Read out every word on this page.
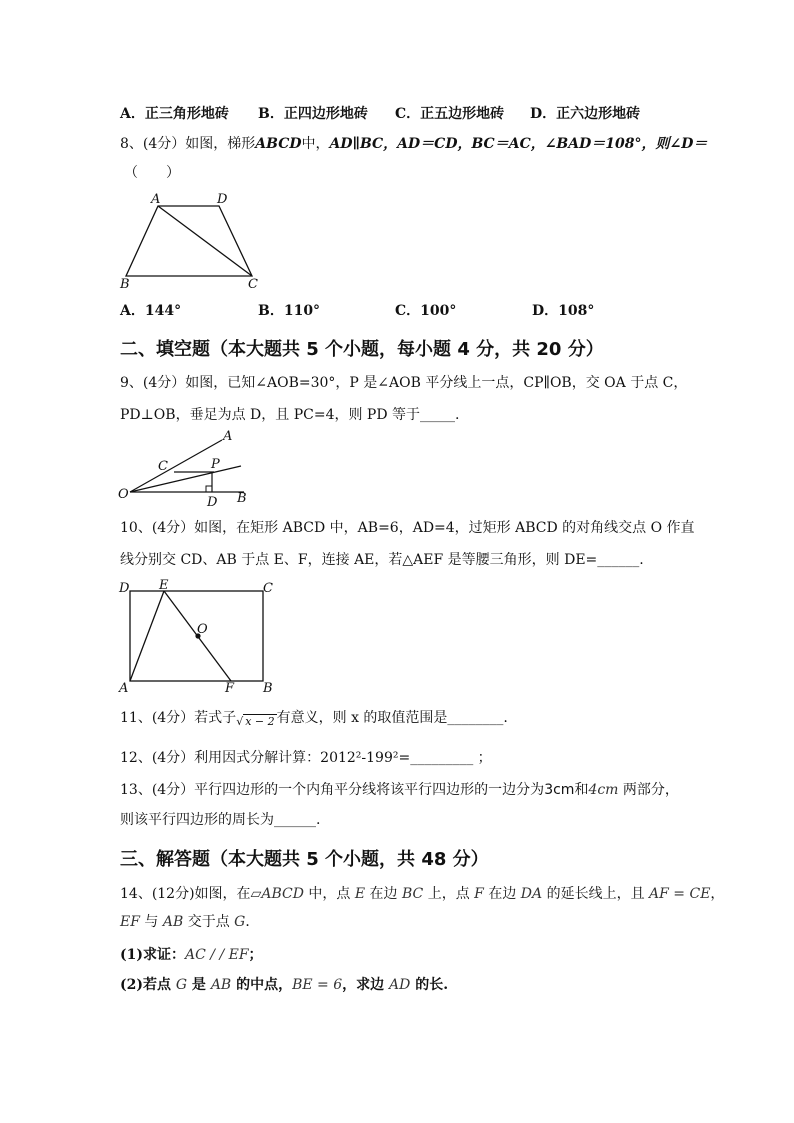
A．正三角形地砖 B．正四边形地砖 C．正五边形地砖 D．正六边形地砖
8、(4分）如图，梯形ABCD中，AD∥BC，AD＝CD，BC＝AC，∠BAD＝108°，则∠D＝
（　　）
A	D
B	C
A．144°	B．110°	C．100°	D．108°
二、填空题（本大题共 5 个小题，每小题 4 分，共 20 分）
9、(4分）如图，已知∠AOB=30°，P 是∠AOB 平分线上一点，CP∥OB，交 OA 于点 C，
PD⊥OB，垂足为点 D，且 PC=4，则 PD 等于_____.
A
C	P
O
D B
10、(4分）如图，在矩形 ABCD 中，AB=6，AD=4，过矩形 ABCD 的对角线交点 O 作直
线分别交 CD、AB 于点 E、F，连接 AE，若△AEF 是等腰三角形，则 DE=______.
D E	C
O
A	F B
11、(4分）若式子√ x − 2 有意义，则 x 的取值范围是________.
12、(4分）利用因式分解计算：2012²-199²=_________ ；
13、(4分）平行四边形的一个内角平分线将该平行四边形的一边分为3cm和4cm 两部分，
则该平行四边形的周长为______.
三、解答题（本大题共 5 个小题，共 48 分）
14、(12分)如图，在▱ABCD 中，点 E 在边 BC 上，点 F 在边 DA 的延长线上，且 AF = CE，
EF 与 AB 交于点 G．
(1)求证：AC / / EF；
(2)若点 G 是 AB 的中点，BE = 6，求边 AD 的长.
